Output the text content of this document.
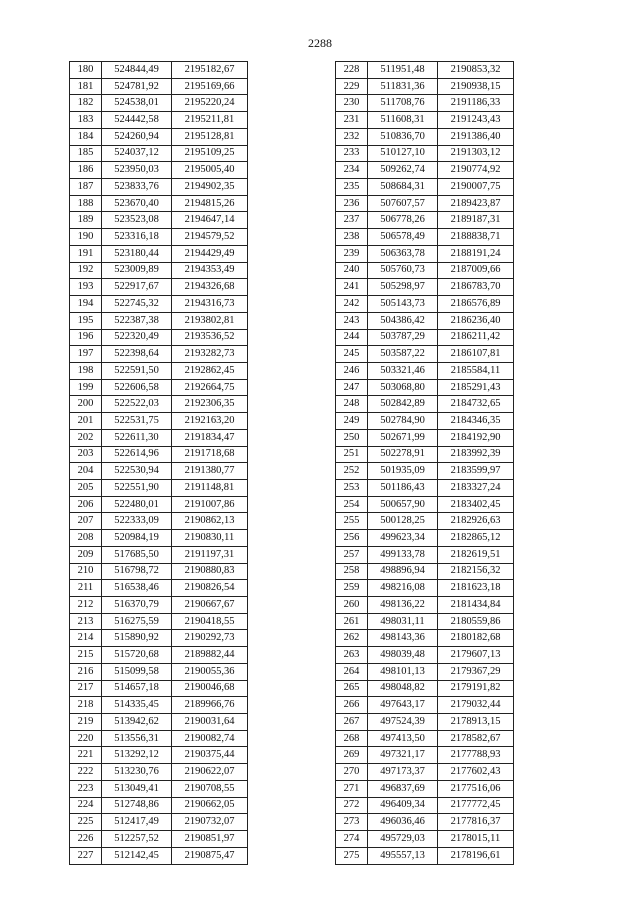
2288
180	524844,49	2195182,67
181	524781,92	2195169,66
182	524538,01	2195220,24
183	524442,58	2195211,81
184	524260,94	2195128,81
185	524037,12	2195109,25
186	523950,03	2195005,40
187	523833,76	2194902,35
188	523670,40	2194815,26
189	523523,08	2194647,14
190	523316,18	2194579,52
191	523180,44	2194429,49
192	523009,89	2194353,49
193	522917,67	2194326,68
194	522745,32	2194316,73
195	522387,38	2193802,81
196	522320,49	2193536,52
197	522398,64	2193282,73
198	522591,50	2192862,45
199	522606,58	2192664,75
200	522522,03	2192306,35
201	522531,75	2192163,20
202	522611,30	2191834,47
203	522614,96	2191718,68
204	522530,94	2191380,77
205	522551,90	2191148,81
206	522480,01	2191007,86
207	522333,09	2190862,13
208	520984,19	2190830,11
209	517685,50	2191197,31
210	516798,72	2190880,83
211	516538,46	2190826,54
212	516370,79	2190667,67
213	516275,59	2190418,55
214	515890,92	2190292,73
215	515720,68	2189882,44
216	515099,58	2190055,36
217	514657,18	2190046,68
218	514335,45	2189966,76
219	513942,62	2190031,64
220	513556,31	2190082,74
221	513292,12	2190375,44
222	513230,76	2190622,07
223	513049,41	2190708,55
224	512748,86	2190662,05
225	512417,49	2190732,07
226	512257,52	2190851,97
227	512142,45	2190875,47
228	511951,48	2190853,32
229	511831,36	2190938,15
230	511708,76	2191186,33
231	511608,31	2191243,43
232	510836,70	2191386,40
233	510127,10	2191303,12
234	509262,74	2190774,92
235	508684,31	2190007,75
236	507607,57	2189423,87
237	506778,26	2189187,31
238	506578,49	2188838,71
239	506363,78	2188191,24
240	505760,73	2187009,66
241	505298,97	2186783,70
242	505143,73	2186576,89
243	504386,42	2186236,40
244	503787,29	2186211,42
245	503587,22	2186107,81
246	503321,46	2185584,11
247	503068,80	2185291,43
248	502842,89	2184732,65
249	502784,90	2184346,35
250	502671,99	2184192,90
251	502278,91	2183992,39
252	501935,09	2183599,97
253	501186,43	2183327,24
254	500657,90	2183402,45
255	500128,25	2182926,63
256	499623,34	2182865,12
257	499133,78	2182619,51
258	498896,94	2182156,32
259	498216,08	2181623,18
260	498136,22	2181434,84
261	498031,11	2180559,86
262	498143,36	2180182,68
263	498039,48	2179607,13
264	498101,13	2179367,29
265	498048,82	2179191,82
266	497643,17	2179032,44
267	497524,39	2178913,15
268	497413,50	2178582,67
269	497321,17	2177788,93
270	497173,37	2177602,43
271	496837,69	2177516,06
272	496409,34	2177772,45
273	496036,46	2177816,37
274	495729,03	2178015,11
275	495557,13	2178196,61
